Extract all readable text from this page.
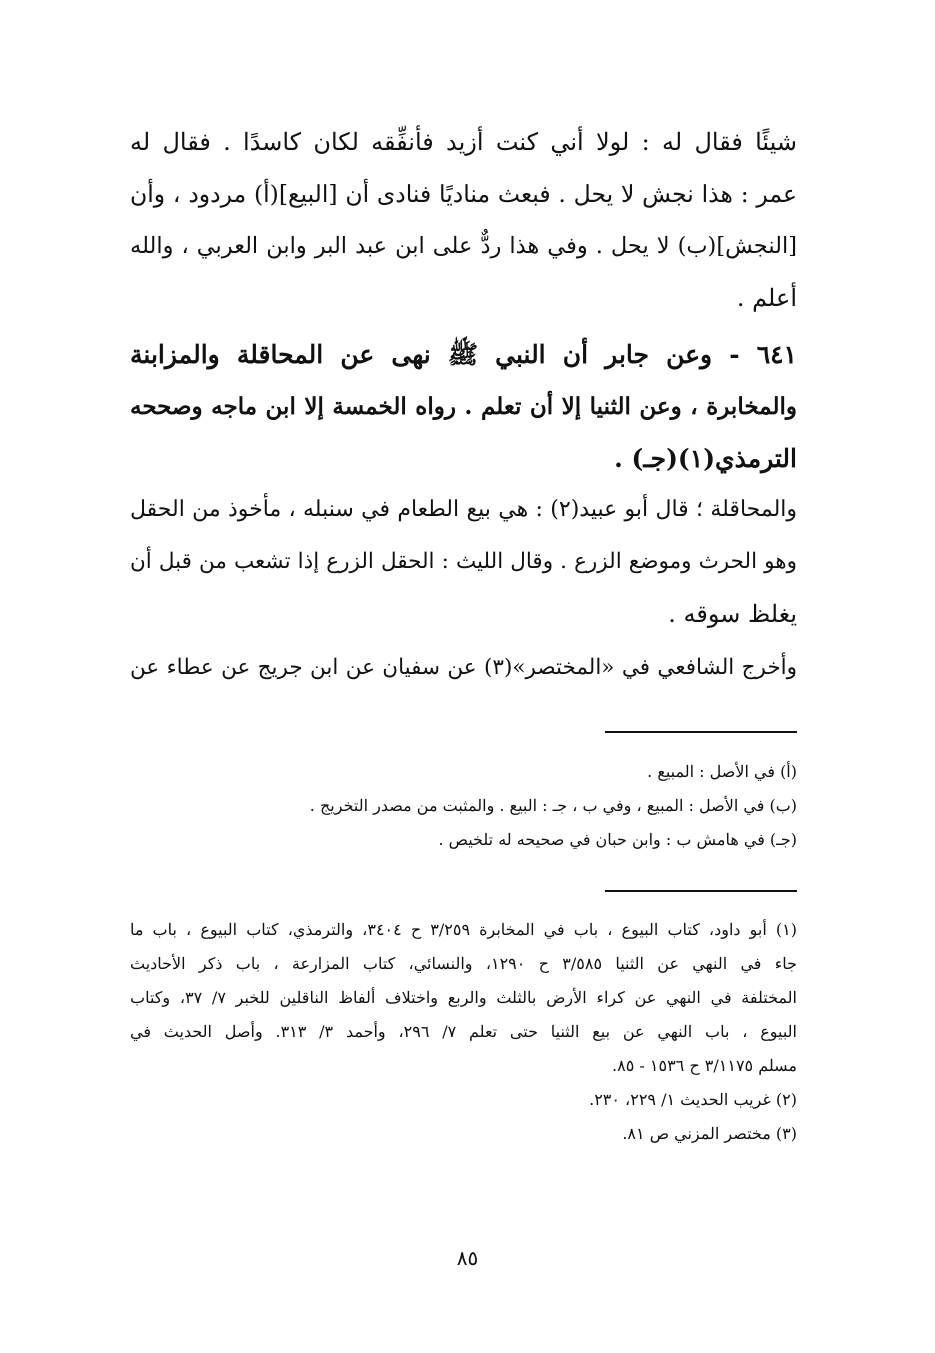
شيئًا فقال له : لولا أني كنت أزيد فأنفِّقه لكان كاسدًا . فقال له
عمر : هذا نجش لا يحل . فبعث مناديًا فنادى أن [البيع](أ) مردود ، وأن
[النجش](ب) لا يحل . وفي هذا ردٌّ على ابن عبد البر وابن العربي ، والله
أعلم .
٦٤١ - وعن جابر أن النبي ﷺ نهى عن المحاقلة والمزابنة
والمخابرة ، وعن الثنيا إلا أن تعلم . رواه الخمسة إلا ابن ماجه وصححه
الترمذي(١)(جـ) .
والمحاقلة ؛ قال أبو عبيد(٢) : هي بيع الطعام في سنبله ، مأخوذ من الحقل
وهو الحرث وموضع الزرع . وقال الليث : الحقل الزرع إذا تشعب من قبل أن
يغلظ سوقه .
وأخرج الشافعي في «المختصر»(٣) عن سفيان عن ابن جريج عن عطاء عن
(أ) في الأصل : المبيع .
(ب) في الأصل : المبيع ، وفي ب ، جـ : البيع . والمثبت من مصدر التخريج .
(جـ) في هامش ب : وابن حبان في صحيحه له تلخيص .
(١) أبو داود، كتاب البيوع ، باب في المخابرة ٣/٢٥٩ ح ٣٤٠٤، والترمذي، كتاب البيوع ، باب ما
جاء في النهي عن الثنيا ٣/٥٨٥ ح ١٢٩٠، والنسائي، كتاب المزارعة ، باب ذكر الأحاديث
المختلفة في النهي عن كراء الأرض بالثلث والربع واختلاف ألفاظ الناقلين للخبر ٧/ ٣٧، وكتاب
البيوع ، باب النهي عن بيع الثنيا حتى تعلم ٧/ ٢٩٦، وأحمد ٣/ ٣١٣. وأصل الحديث في
مسلم ٣/١١٧٥ ح ١٥٣٦ - ٨٥.
(٢) غريب الحديث ١/ ٢٢٩، ٢٣٠.
(٣) مختصر المزني ص ٨١.
٨٥
